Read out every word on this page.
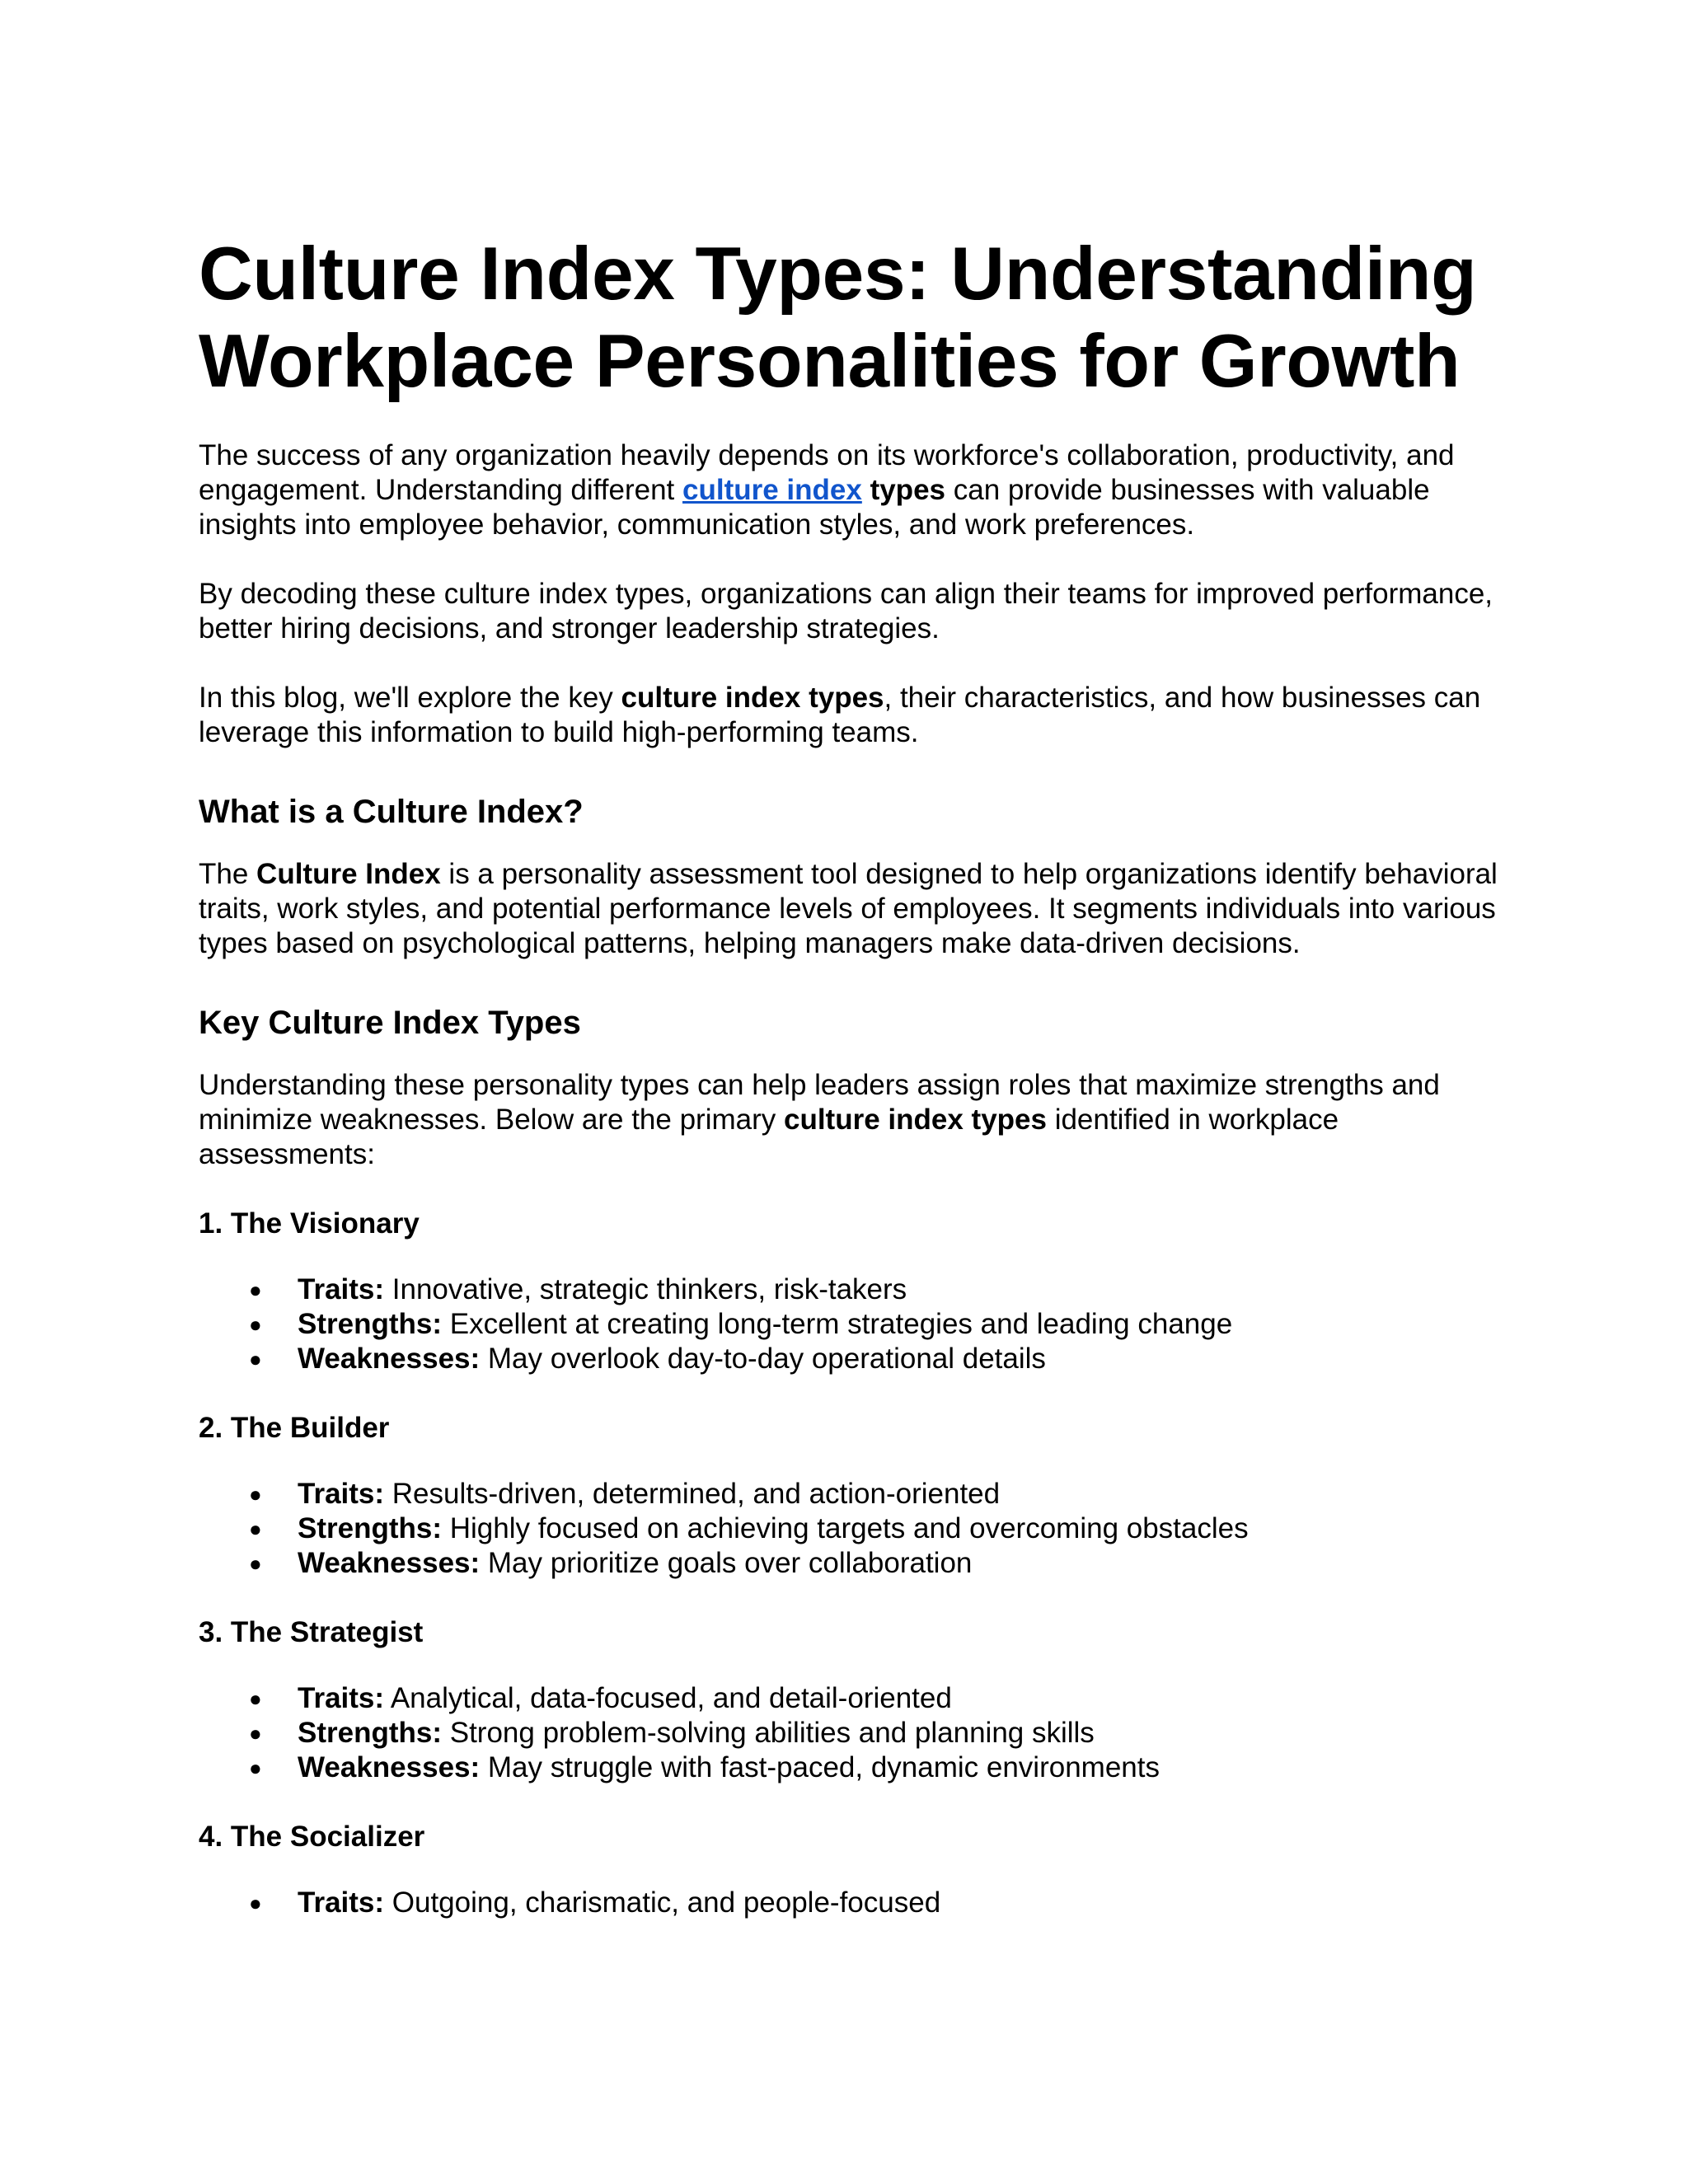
Culture Index Types: Understanding Workplace Personalities for Growth

The success of any organization heavily depends on its workforce's collaboration, productivity, and engagement. Understanding different culture index types can provide businesses with valuable insights into employee behavior, communication styles, and work preferences.

By decoding these culture index types, organizations can align their teams for improved performance, better hiring decisions, and stronger leadership strategies.

In this blog, we'll explore the key culture index types, their characteristics, and how businesses can leverage this information to build high-performing teams.

What is a Culture Index?

The Culture Index is a personality assessment tool designed to help organizations identify behavioral traits, work styles, and potential performance levels of employees. It segments individuals into various types based on psychological patterns, helping managers make data-driven decisions.

Key Culture Index Types

Understanding these personality types can help leaders assign roles that maximize strengths and minimize weaknesses. Below are the primary culture index types identified in workplace assessments:

1. The Visionary
● Traits: Innovative, strategic thinkers, risk-takers
● Strengths: Excellent at creating long-term strategies and leading change
● Weaknesses: May overlook day-to-day operational details
2. The Builder
● Traits: Results-driven, determined, and action-oriented
● Strengths: Highly focused on achieving targets and overcoming obstacles
● Weaknesses: May prioritize goals over collaboration
3. The Strategist
● Traits: Analytical, data-focused, and detail-oriented
● Strengths: Strong problem-solving abilities and planning skills
● Weaknesses: May struggle with fast-paced, dynamic environments
4. The Socializer
● Traits: Outgoing, charismatic, and people-focused
